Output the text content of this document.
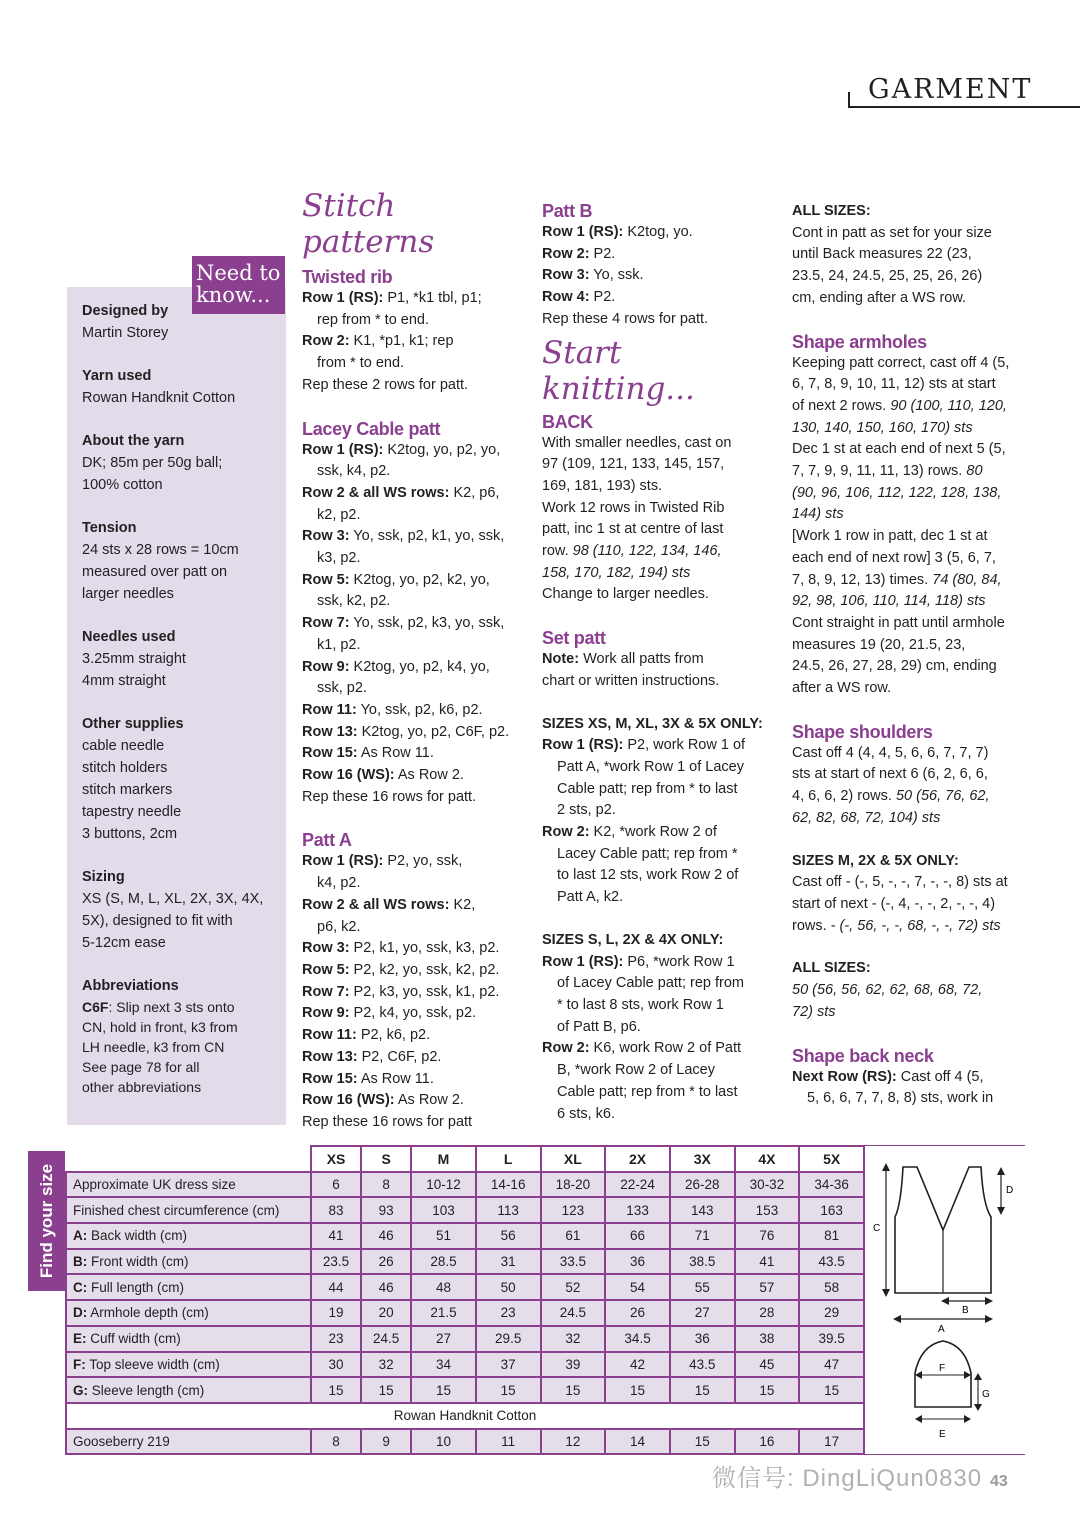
GARMENT
Designed by
Martin Storey
Yarn used
Rowan Handknit Cotton
About the yarn
DK; 85m per 50g ball;
100% cotton
Tension
24 sts x 28 rows = 10cm
measured over patt on
larger needles
Needles used
3.25mm straight
4mm straight
Other supplies
cable needle
stitch holders
stitch markers
tapestry needle
3 buttons, 2cm
Sizing
XS (S, M, L, XL, 2X, 3X, 4X,
5X), designed to fit with
5-12cm ease
Abbreviations
C6F: Slip next 3 sts onto
CN, hold in front, k3 from
LH needle, k3 from CN
See page 78 for all
other abbreviations
Need to know...
Stitch patterns
Twisted rib

Row 1 (RS): P1, *k1 tbl, p1;

rep from * to end.

Row 2: K1, *p1, k1; rep

from * to end.

Rep these 2 rows for patt.

Lacey Cable patt

Row 1 (RS): K2tog, yo, p2, yo,

ssk, k4, p2.

Row 2 & all WS rows: K2, p6,

k2, p2.

Row 3: Yo, ssk, p2, k1, yo, ssk,

k3, p2.

Row 5: K2tog, yo, p2, k2, yo,

ssk, k2, p2.

Row 7: Yo, ssk, p2, k3, yo, ssk,

k1, p2.

Row 9: K2tog, yo, p2, k4, yo,

ssk, p2.

Row 11: Yo, ssk, p2, k6, p2.

Row 13: K2tog, yo, p2, C6F, p2.

Row 15: As Row 11.

Row 16 (WS): As Row 2.

Rep these 16 rows for patt.

Patt A

Row 1 (RS): P2, yo, ssk,

k4, p2.

Row 2 & all WS rows: K2,

p6, k2.

Row 3: P2, k1, yo, ssk, k3, p2.

Row 5: P2, k2, yo, ssk, k2, p2.

Row 7: P2, k3, yo, ssk, k1, p2.

Row 9: P2, k4, yo, ssk, p2.

Row 11: P2, k6, p2.

Row 13: P2, C6F, p2.

Row 15: As Row 11.

Row 16 (WS): As Row 2.

Rep these 16 rows for patt

Patt B

Row 1 (RS): K2tog, yo.

Row 2: P2.

Row 3: Yo, ssk.

Row 4: P2.

Rep these 4 rows for patt.

Start knitting...
BACK

With smaller needles, cast on

97 (109, 121, 133, 145, 157,

169, 181, 193) sts.

Work 12 rows in Twisted Rib

patt, inc 1 st at centre of last

row. 98 (110, 122, 134, 146,

158, 170, 182, 194) sts

Change to larger needles.

Set patt

Note: Work all patts from

chart or written instructions.

SIZES XS, M, XL, 3X & 5X ONLY:

Row 1 (RS): P2, work Row 1 of

Patt A, *work Row 1 of Lacey

Cable patt; rep from * to last

2 sts, p2.

Row 2: K2, *work Row 2 of

Lacey Cable patt; rep from *

to last 12 sts, work Row 2 of

Patt A, k2.

SIZES S, L, 2X & 4X ONLY:

Row 1 (RS): P6, *work Row 1

of Lacey Cable patt; rep from

* to last 8 sts, work Row 1

of Patt B, p6.

Row 2: K6, work Row 2 of Patt

B, *work Row 2 of Lacey

Cable patt; rep from * to last

6 sts, k6.

ALL SIZES:

Cont in patt as set for your size

until Back measures 22 (23,

23.5, 24, 24.5, 25, 25, 26, 26)

cm, ending after a WS row.

Shape armholes

Keeping patt correct, cast off 4 (5,

6, 7, 8, 9, 10, 11, 12) sts at start

of next 2 rows. 90 (100, 110, 120,

130, 140, 150, 160, 170) sts

Dec 1 st at each end of next 5 (5,

7, 7, 9, 9, 11, 11, 13) rows. 80

(90, 96, 106, 112, 122, 128, 138,

144) sts

[Work 1 row in patt, dec 1 st at

each end of next row] 3 (5, 6, 7,

7, 8, 9, 12, 13) times. 74 (80, 84,

92, 98, 106, 110, 114, 118) sts

Cont straight in patt until armhole

measures 19 (20, 21.5, 23,

24.5, 26, 27, 28, 29) cm, ending

after a WS row.

Shape shoulders

Cast off 4 (4, 4, 5, 6, 6, 7, 7, 7)

sts at start of next 6 (6, 2, 6, 6,

4, 6, 6, 2) rows. 50 (56, 76, 62,

62, 82, 68, 72, 104) sts

SIZES M, 2X & 5X ONLY:

Cast off - (-, 5, -, -, 7, -, -, 8) sts at

start of next - (-, 4, -, -, 2, -, -, 4)

rows. - (-, 56, -, -, 68, -, -, 72) sts

ALL SIZES:

50 (56, 56, 62, 62, 68, 68, 72,

72) sts

Shape back neck

Next Row (RS): Cast off 4 (5,

5, 6, 6, 7, 7, 8, 8) sts, work in

Find your size
	XS	S	M	L	XL	2X	3X	4X	5X
Approximate UK dress size	6	8	10-12	14-16	18-20	22-24	26-28	30-32	34-36
Finished chest circumference (cm)	83	93	103	113	123	133	143	153	163
A: Back width (cm)	41	46	51	56	61	66	71	76	81
B: Front width (cm)	23.5	26	28.5	31	33.5	36	38.5	41	43.5
C: Full length (cm)	44	46	48	50	52	54	55	57	58
D: Armhole depth (cm)	19	20	21.5	23	24.5	26	27	28	29
E: Cuff width (cm)	23	24.5	27	29.5	32	34.5	36	38	39.5
F: Top sleeve width (cm)	30	32	34	37	39	42	43.5	45	47
G: Sleeve length (cm)	15	15	15	15	15	15	15	15	15
Rowan Handknit Cotton									
Gooseberry 219	8	9	10	11	12	14	15	16	17
C
D
B
A
F
G
E
微信号: DingLiQun0830 43
